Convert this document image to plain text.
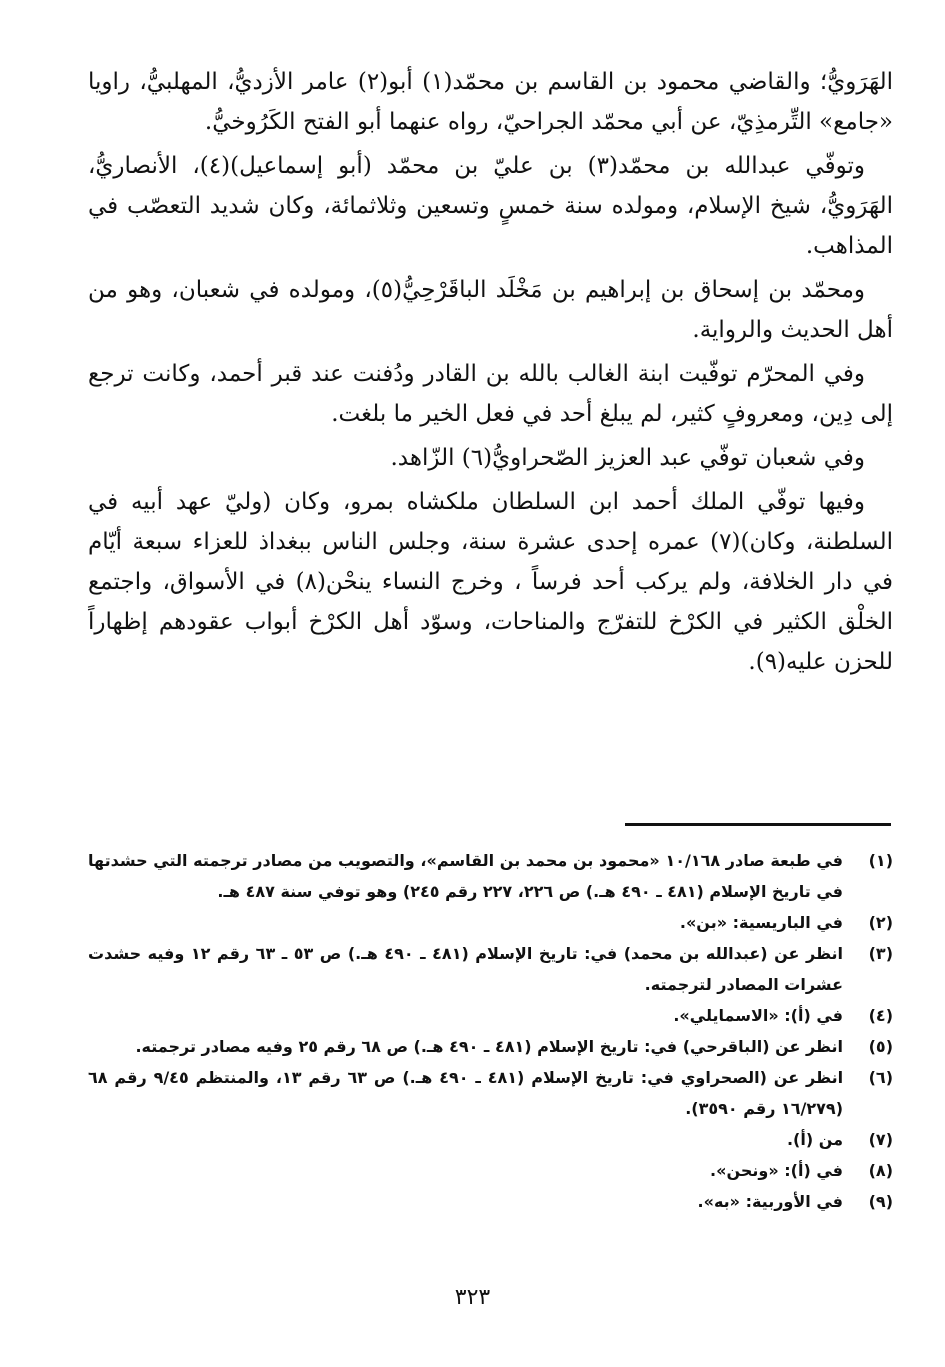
الهَرَويُّ؛ والقاضي محمود بن القاسم بن محمّد(١) أبو(٢) عامر الأزديُّ، المهلبيُّ، راويا «جامع» التِّرمذِيّ، عن أبي محمّد الجراحيّ، رواه عنهما أبو الفتح الكَرُوخيُّ.

وتوفّي عبدالله بن محمّد(٣) بن عليّ بن محمّد (أبو إسماعيل)(٤)، الأنصاريُّ، الهَرَويُّ، شيخ الإسلام، ومولده سنة خمسٍ وتسعين وثلاثمائة، وكان شديد التعصّب في المذاهب.

ومحمّد بن إسحاق بن إبراهيم بن مَخْلَد الباقَرْحِيُّ(٥)، ومولده في شعبان، وهو من أهل الحديث والرواية.

وفي المحرّم توفّيت ابنة الغالب بالله بن القادر ودُفنت عند قبر أحمد، وكانت ترجع إلى دِين، ومعروفٍ كثير، لم يبلغ أحد في فعل الخير ما بلغت.

وفي شعبان توفّي عبد العزيز الصّحراويُّ(٦) الزّاهد.

وفيها توفّي الملك أحمد ابن السلطان ملكشاه بمرو، وكان (وليّ عهد أبيه في السلطنة، وكان)(٧) عمره إحدى عشرة سنة، وجلس الناس ببغداذ للعزاء سبعة أيّام في دار الخلافة، ولم يركب أحد فرساً ، وخرج النساء ينحْن(٨) في الأسواق، واجتمع الخلْق الكثير في الكرْخ للتفرّج والمناحات، وسوّد أهل الكرْخ أبواب عقودهم إظهاراً للحزن عليه(٩).

(١)
في طبعة صادر ١٠/١٦٨ «محمود بن محمد بن القاسم»، والتصويب من مصادر ترجمته التي حشدتها في تاريخ الإسلام (٤٨١ ـ ٤٩٠ هـ.) ص ٢٢٦، ٢٢٧ رقم ٢٤٥) وهو توفي سنة ٤٨٧ هـ.
(٢)
في الباريسية: «بن».
(٣)
انظر عن (عبدالله بن محمد) في: تاريخ الإسلام (٤٨١ ـ ٤٩٠ هـ.) ص ٥٣ ـ ٦٣ رقم ١٢ وفيه حشدت عشرات المصادر لترجمته.
(٤)
في (أ): «الاسمايلي».
(٥)
انظر عن (الباقرحي) في: تاريخ الإسلام (٤٨١ ـ ٤٩٠ هـ.) ص ٦٨ رقم ٢٥ وفيه مصادر ترجمته.
(٦)
انظر عن (الصحراوي في: تاريخ الإسلام (٤٨١ ـ ٤٩٠ هـ.) ص ٦٣ رقم ١٣، والمنتظم ٩/٤٥ رقم ٦٨ (١٦/٢٧٩ رقم ٣٥٩٠).
(٧)
من (أ).
(٨)
في (أ): «ونحن».
(٩)
في الأوربية: «به».
٣٢٣
